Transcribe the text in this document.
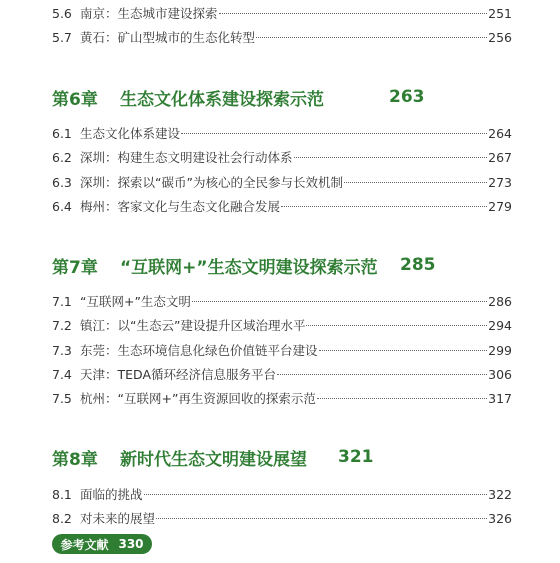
5.6 南京：生态城市建设探索	251
5.7 黄石：矿山型城市的生态化转型	256
第6章	生态文化体系建设探索示范	263
6.1 生态文化体系建设	264
6.2 深圳：构建生态文明建设社会行动体系	267
6.3 深圳：探索以“碳币”为核心的全民参与长效机制	273
6.4 梅州：客家文化与生态文化融合发展	279
第7章	“互联网+”生态文明建设探索示范	285
7.1 “互联网+”生态文明	286
7.2 镇江：以“生态云”建设提升区域治理水平	294
7.3 东莞：生态环境信息化绿色价值链平台建设	299
7.4 天津：TEDA循环经济信息服务平台	306
7.5 杭州：“互联网+”再生资源回收的探索示范	317
第8章	新时代生态文明建设展望	321
8.1 面临的挑战	322
8.2 对未来的展望	326
参考文献 330
